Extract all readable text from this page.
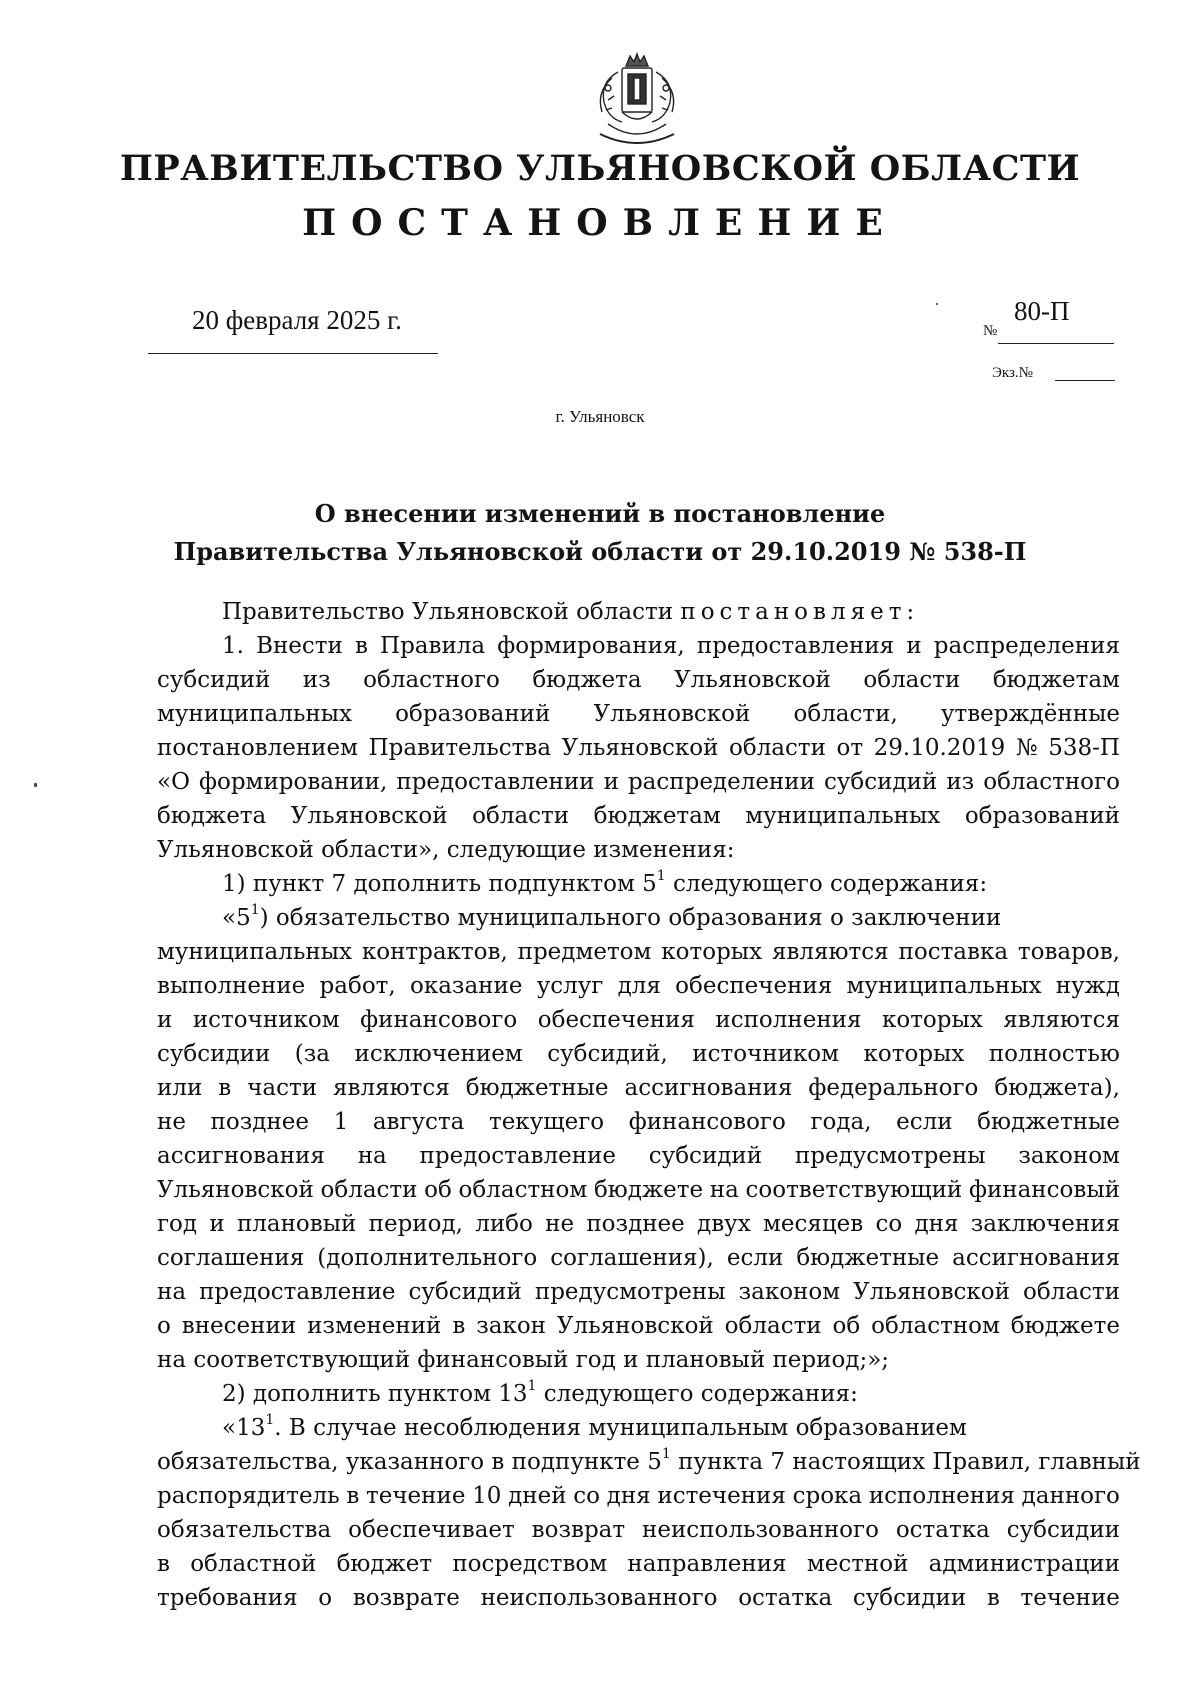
ПРАВИТЕЛЬСТВО УЛЬЯНОВСКОЙ ОБЛАСТИ
ПОСТАНОВЛЕНИЕ
20 февраля 2025 г.	№
80-П
Экз.№
г. Ульяновск
О внесении изменений в постановление
Правительства Ульяновской области от 29.10.2019 № 538-П
Правительство Ульяновской области постановляет:
1. Внести в Правила формирования, предоставления и распределения
субсидий из областного бюджета Ульяновской области бюджетам
муниципальных образований Ульяновской области, утверждённые
постановлением Правительства Ульяновской области от 29.10.2019 № 538-П
«О формировании, предоставлении и распределении субсидий из областного
бюджета Ульяновской области бюджетам муниципальных образований
Ульяновской области», следующие изменения:
1) пункт 7 дополнить подпунктом $5^1$ следующего содержания:
«$5^1$) обязательство муниципального образования о заключении
муниципальных контрактов, предметом которых являются поставка товаров,
выполнение работ, оказание услуг для обеспечения муниципальных нужд
и источником финансового обеспечения исполнения которых являются
субсидии (за исключением субсидий, источником которых полностью
или в части являются бюджетные ассигнования федерального бюджета),
не позднее 1 августа текущего финансового года, если бюджетные
ассигнования на предоставление субсидий предусмотрены законом
Ульяновской области об областном бюджете на соответствующий финансовый
год и плановый период, либо не позднее двух месяцев со дня заключения
соглашения (дополнительного соглашения), если бюджетные ассигнования
на предоставление субсидий предусмотрены законом Ульяновской области
о внесении изменений в закон Ульяновской области об областном бюджете
на соответствующий финансовый год и плановый период;»;
2) дополнить пунктом $13^1$ следующего содержания:
«$13^1$. В случае несоблюдения муниципальным образованием
обязательства, указанного в подпункте $5^1$ пункта 7 настоящих Правил, главный
распорядитель в течение 10 дней со дня истечения срока исполнения данного
обязательства обеспечивает возврат неиспользованного остатка субсидии
в областной бюджет посредством направления местной администрации
требования о возврате неиспользованного остатка субсидии в течение
